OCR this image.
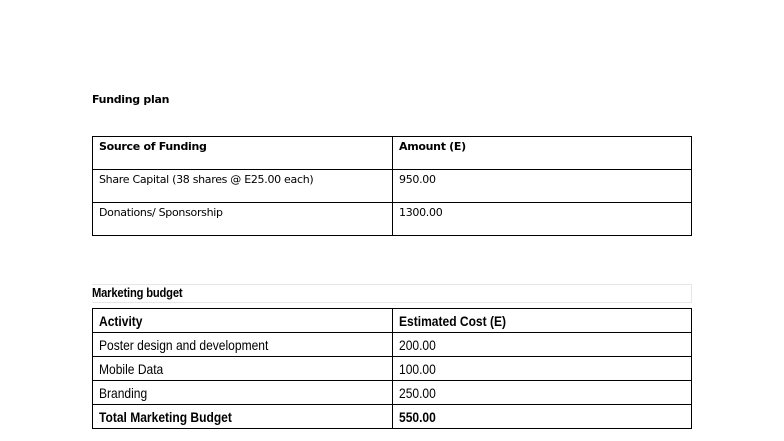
Funding plan
Source of Funding	Amount (E)
Share Capital (38 shares @ E25.00 each)	950.00
Donations/ Sponsorship	1300.00
Marketing budget
Activity	Estimated Cost (E)
Poster design and development	200.00
Mobile Data	100.00
Branding	250.00
Total Marketing Budget	550.00
